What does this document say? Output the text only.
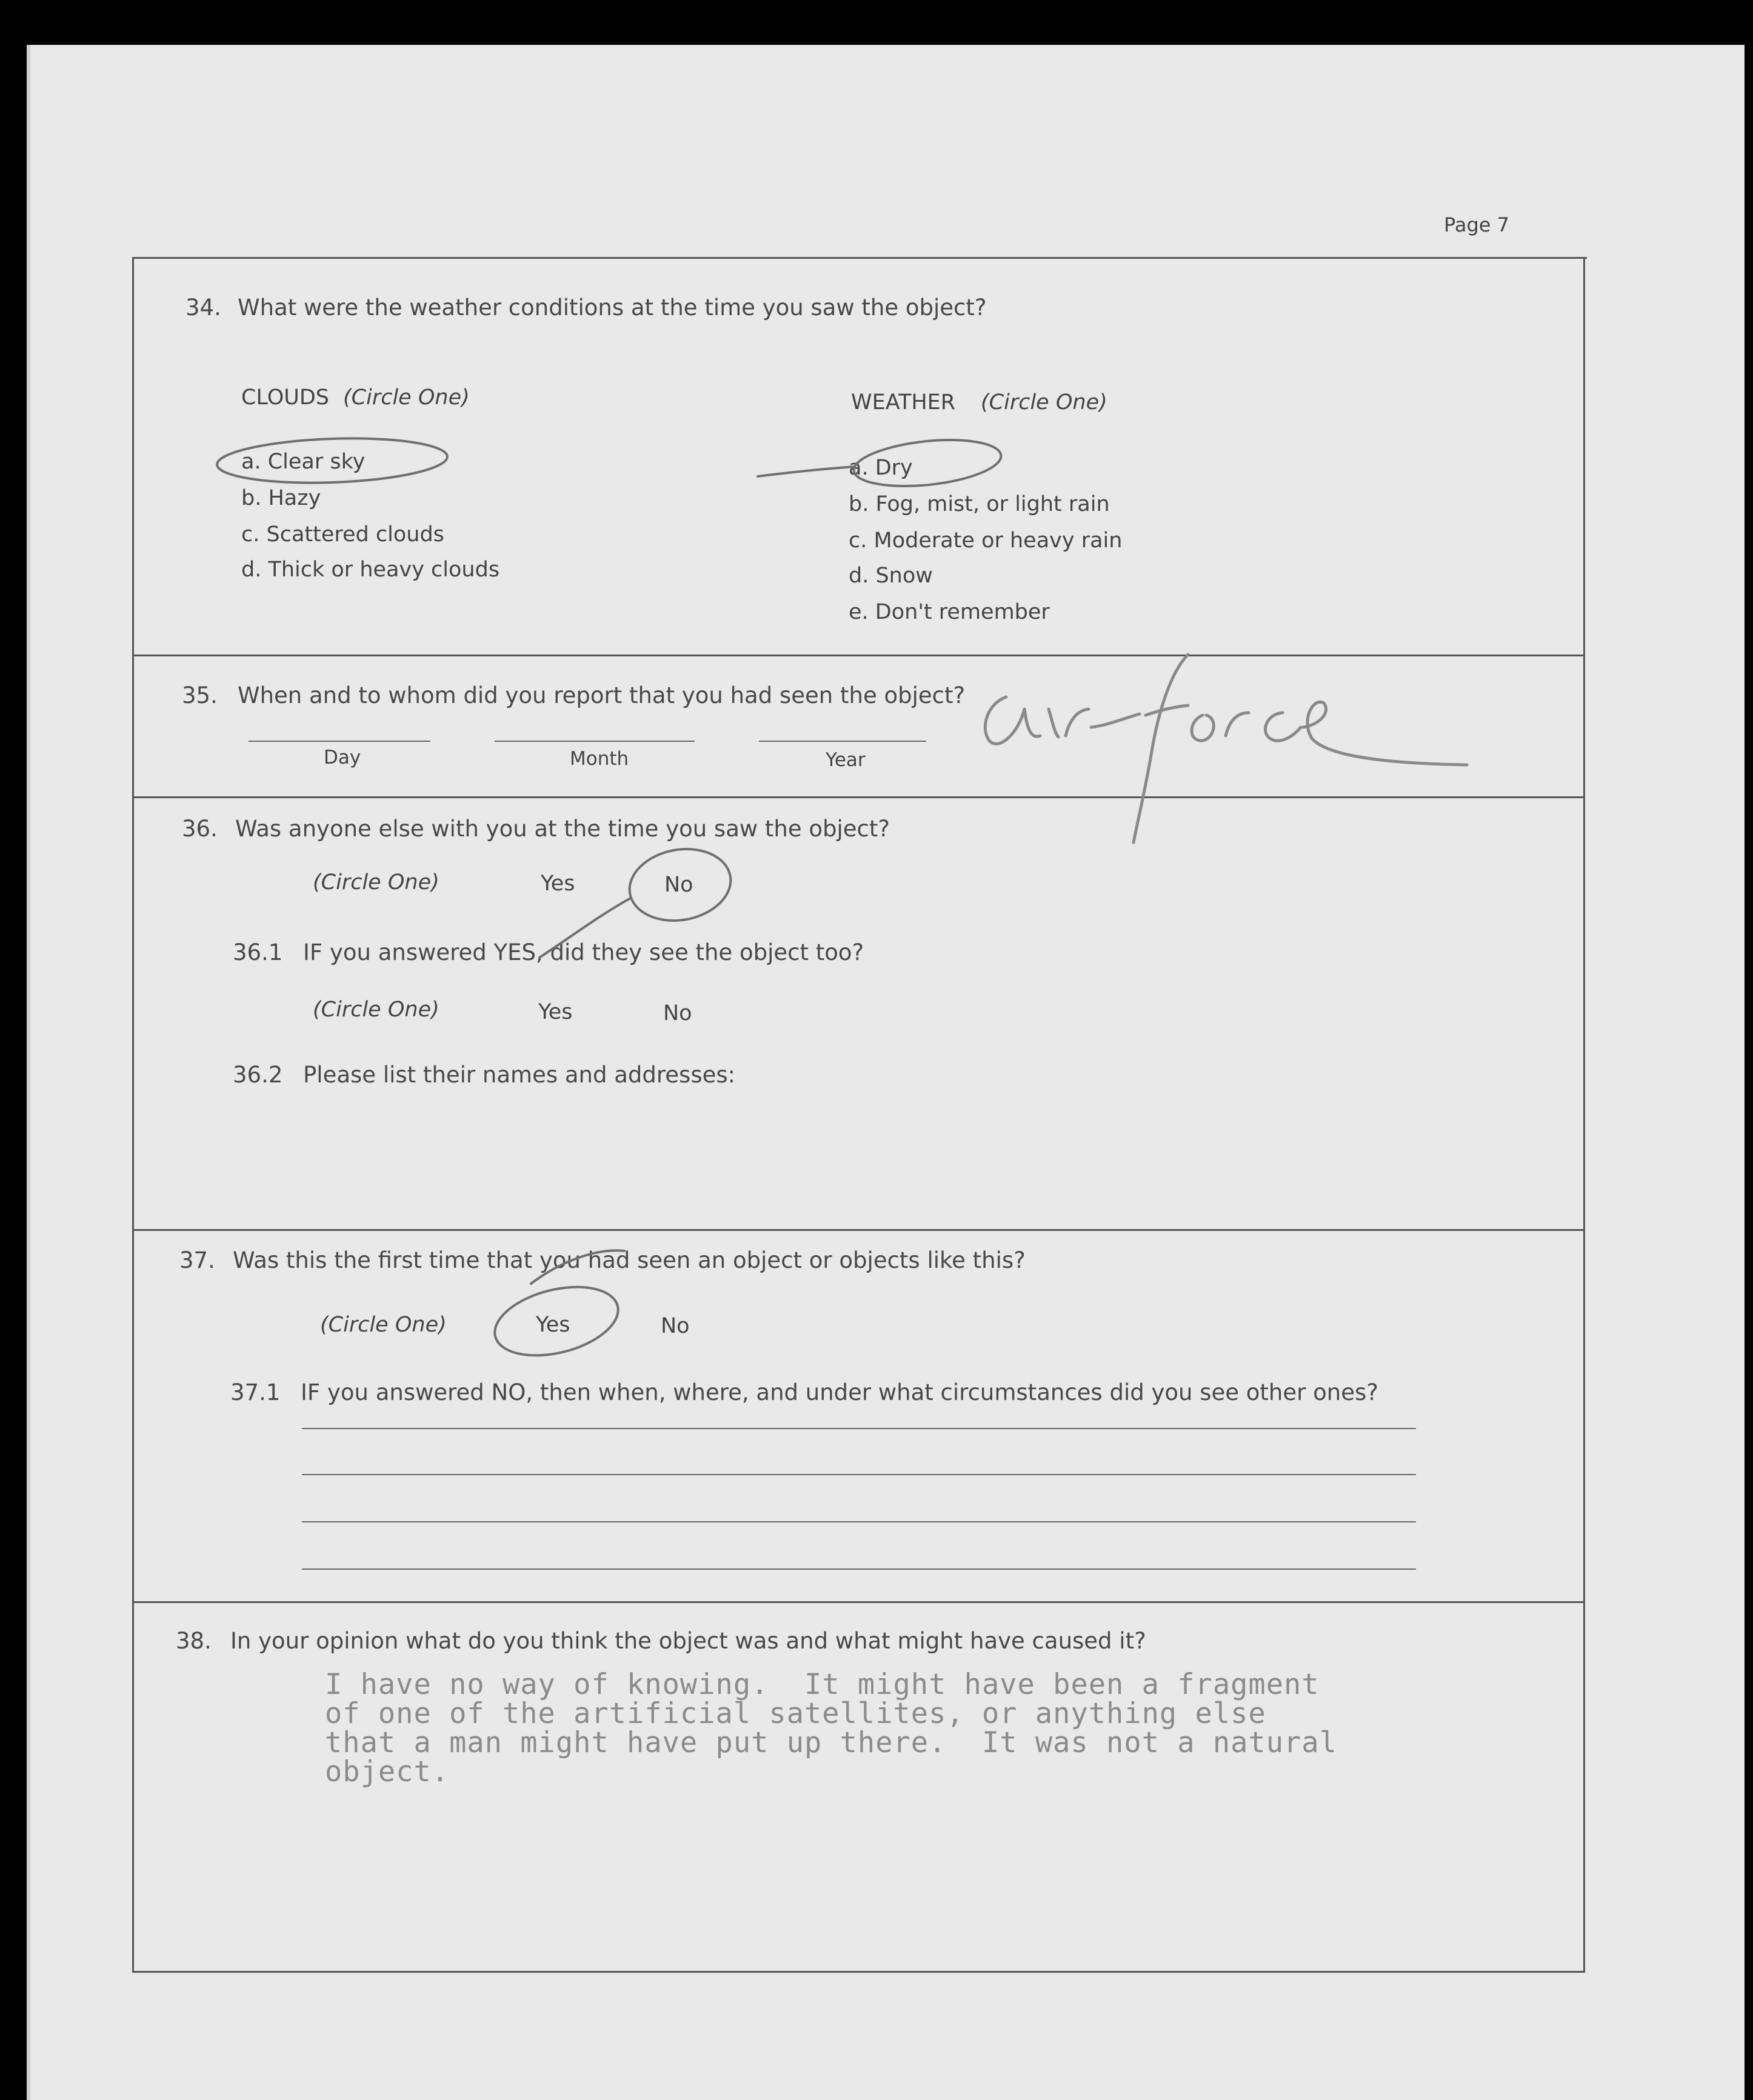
Page 7
34. What were the weather conditions at the time you saw the object?
CLOUDS (Circle One)
a. Clear sky
b. Hazy
c. Scattered clouds
d. Thick or heavy clouds
WEATHER (Circle One)
a. Dry
b. Fog, mist, or light rain
c. Moderate or heavy rain
d. Snow
e. Don't remember
35. When and to whom did you report that you had seen the object?
Day	Month	Year
36. Was anyone else with you at the time you saw the object?
(Circle One)	Yes	No
36.1 IF you answered YES, did they see the object too?
(Circle One)	Yes	No
36.2 Please list their names and addresses:
37. Was this the first time that you had seen an object or objects like this?
(Circle One)	Yes	No
37.1 IF you answered NO, then when, where, and under what circumstances did you see other ones?
38. In your opinion what do you think the object was and what might have caused it?
I have no way of knowing.  It might have been a fragment
of one of the artificial satellites, or anything else
that a man might have put up there.  It was not a natural
object.
